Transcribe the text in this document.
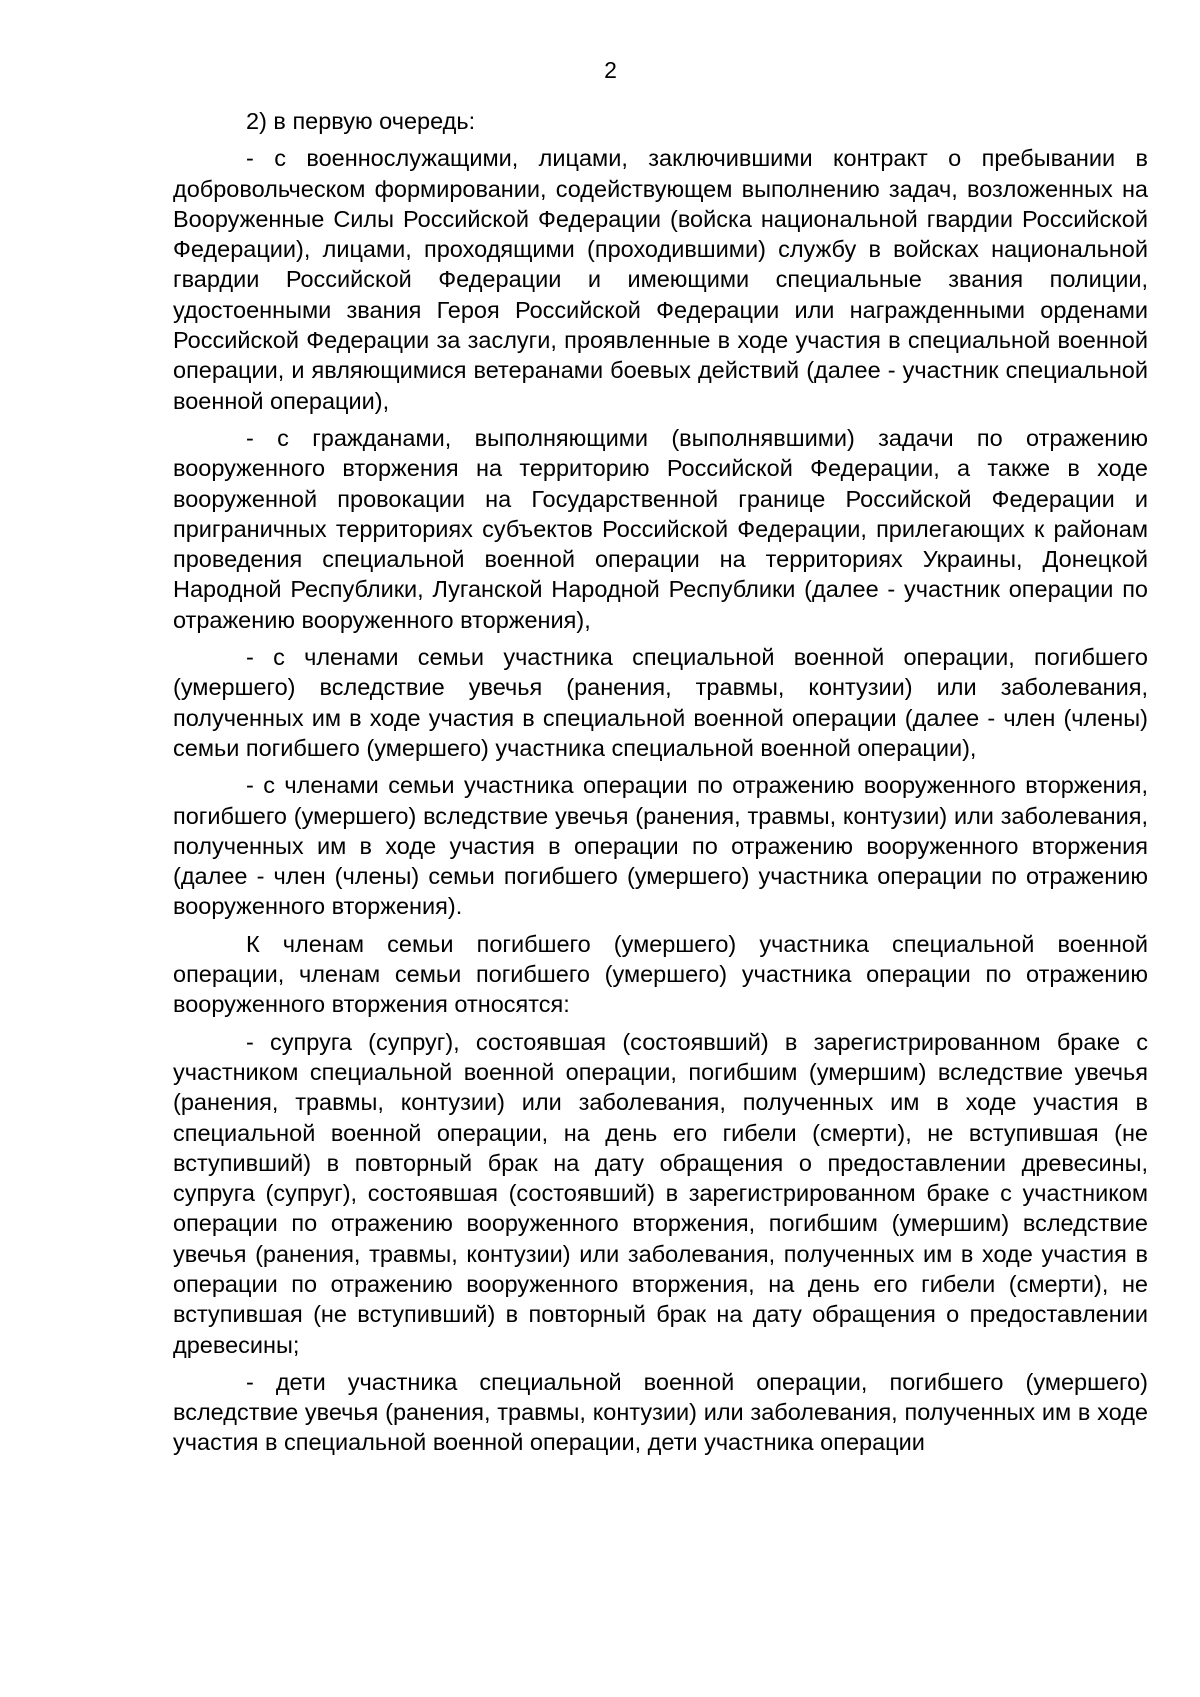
2

2) в первую очередь:

- с военнослужащими, лицами, заключившими контракт о пребывании в добровольческом формировании, содействующем выполнению задач, возложенных на Вооруженные Силы Российской Федерации (войска национальной гвардии Российской Федерации), лицами, проходящими (проходившими) службу в войсках национальной гвардии Российской Федерации и имеющими специальные звания полиции, удостоенными звания Героя Российской Федерации или награжденными орденами Российской Федерации за заслуги, проявленные в ходе участия в специальной военной операции, и являющимися ветеранами боевых действий (далее - участник специальной военной операции),

- с гражданами, выполняющими (выполнявшими) задачи по отражению вооруженного вторжения на территорию Российской Федерации, а также в ходе вооруженной провокации на Государственной границе Российской Федерации и приграничных территориях субъектов Российской Федерации, прилегающих к районам проведения специальной военной операции на территориях Украины, Донецкой Народной Республики, Луганской Народной Республики (далее - участник операции по отражению вооруженного вторжения),

- с членами семьи участника специальной военной операции, погибшего (умершего) вследствие увечья (ранения, травмы, контузии) или заболевания, полученных им в ходе участия в специальной военной операции (далее - член (члены) семьи погибшего (умершего) участника специальной военной операции),

- с членами семьи участника операции по отражению вооруженного вторжения, погибшего (умершего) вследствие увечья (ранения, травмы, контузии) или заболевания, полученных им в ходе участия в операции по отражению вооруженного вторжения (далее - член (члены) семьи погибшего (умершего) участника операции по отражению вооруженного вторжения).

К членам семьи погибшего (умершего) участника специальной военной операции, членам семьи погибшего (умершего) участника операции по отражению вооруженного вторжения относятся:

- супруга (супруг), состоявшая (состоявший) в зарегистрированном браке с участником специальной военной операции, погибшим (умершим) вследствие увечья (ранения, травмы, контузии) или заболевания, полученных им в ходе участия в специальной военной операции, на день его гибели (смерти), не вступившая (не вступивший) в повторный брак на дату обращения о предоставлении древесины, супруга (супруг), состоявшая (состоявший) в зарегистрированном браке с участником операции по отражению вооруженного вторжения, погибшим (умершим) вследствие увечья (ранения, травмы, контузии) или заболевания, полученных им в ходе участия в операции по отражению вооруженного вторжения, на день его гибели (смерти), не вступившая (не вступивший) в повторный брак на дату обращения о предоставлении древесины;

- дети участника специальной военной операции, погибшего (умершего) вследствие увечья (ранения, травмы, контузии) или заболевания, полученных им в ходе участия в специальной военной операции, дети участника операции
